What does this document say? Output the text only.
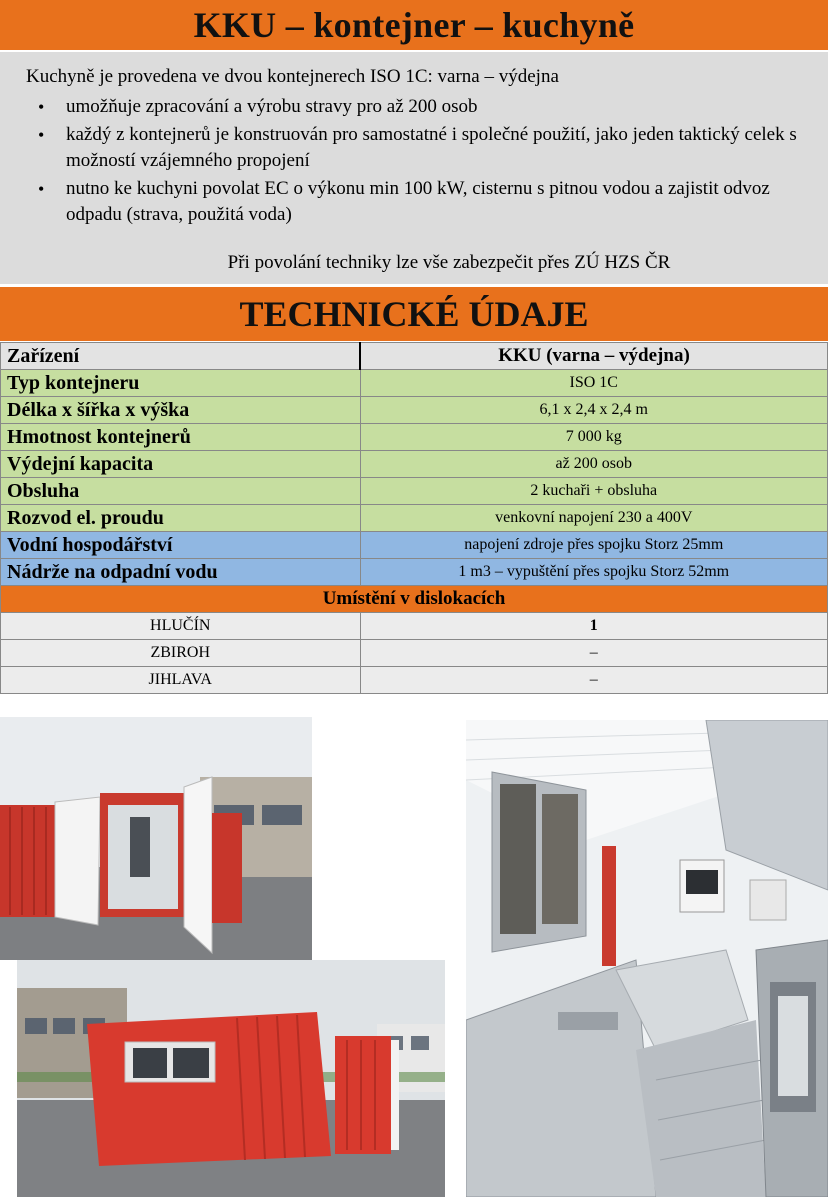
KKU – kontejner – kuchyně
Kuchyně je provedena ve dvou kontejnerech ISO 1C: varna – výdejna
• umožňuje zpracování a výrobu stravy pro až 200 osob
• každý z kontejnerů je konstruován pro samostatné i společné použití, jako jeden taktický celek s možností vzájemného propojení
• nutno ke kuchyni povolat EC o výkonu min 100 kW, cisternu s pitnou vodou a zajistit odvoz odpadu (strava, použitá voda)
Při povolání techniky lze vše zabezpečit přes ZÚ HZS ČR
TECHNICKÉ ÚDAJE
Zařízení	KKU (varna – výdejna)
Typ kontejneru	ISO 1C
Délka x šířka x výška	6,1 x 2,4 x 2,4 m
Hmotnost kontejnerů	7 000 kg
Výdejní kapacita	až 200 osob
Obsluha	2 kuchaři + obsluha
Rozvod el. proudu	venkovní napojení 230 a 400V
Vodní hospodářství	napojení zdroje přes spojku Storz 25mm
Nádrže na odpadní vodu	1 m3 – vypuštění přes spojku Storz 52mm
Umístění v dislokacích	
HLUČÍN	1
ZBIROH	–
JIHLAVA	–
